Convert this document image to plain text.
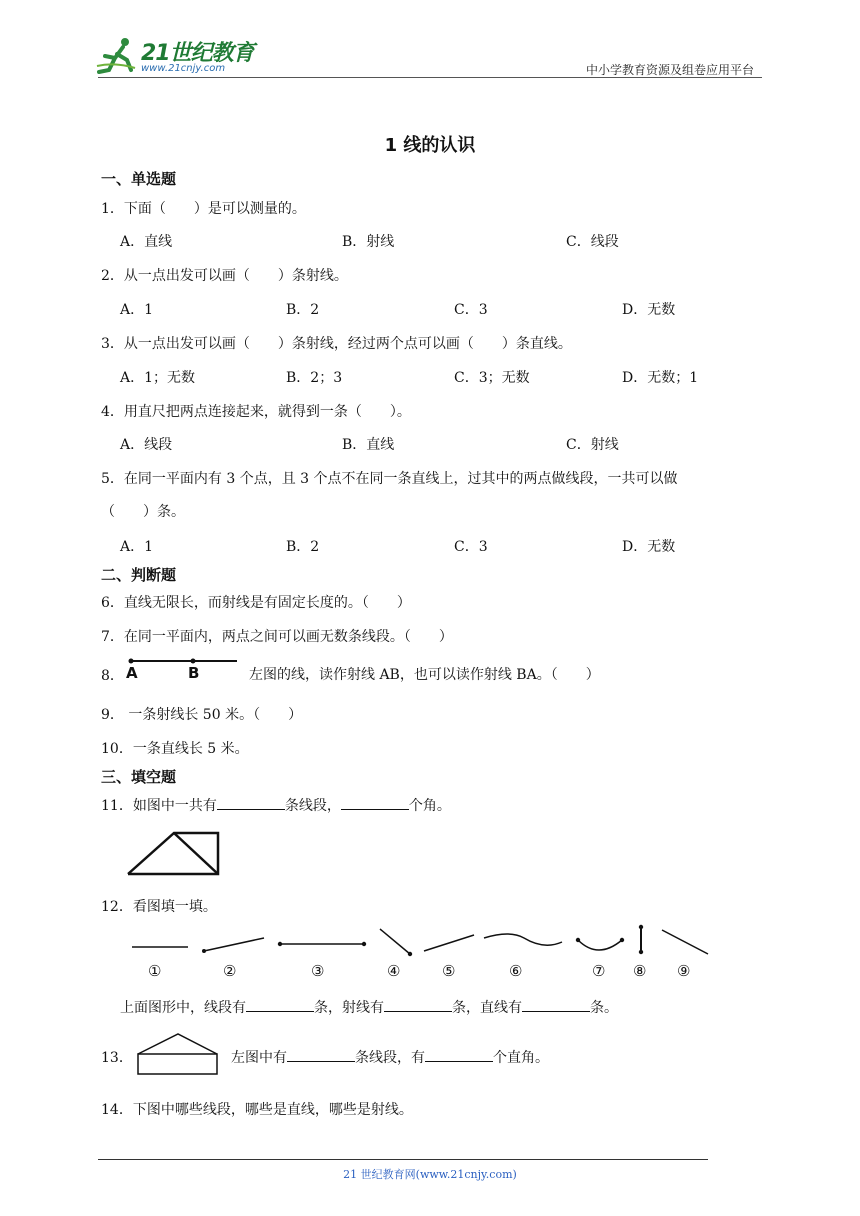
21世纪教育
www.21cnjy.com	中小学教育资源及组卷应用平台
1 线的认识
一、单选题
1．下面（　　）是可以测量的。
A．直线	B．射线	C．线段
2．从一点出发可以画（　　）条射线。
A．1	B．2	C．3	D．无数
3．从一点出发可以画（　　）条射线，经过两个点可以画（　　）条直线。
A．1；无数	B．2；3	C．3；无数	D．无数；1
4．用直尺把两点连接起来，就得到一条（　　）。
A．线段	B．直线	C．射线
5．在同一平面内有 3 个点，且 3 个点不在同一条直线上，过其中的两点做线段，一共可以做
（　　）条。
A．1	B．2	C．3	D．无数
二、判断题
6．直线无限长，而射线是有固定长度的。（　　）
7．在同一平面内，两点之间可以画无数条线段。（　　）
8． A	B	左图的线，读作射线 AB，也可以读作射线 BA。（　　）
9． 一条射线长 50 米。（　　）
10．一条直线长 5 米。
三、填空题
11．如图中一共有	条线段，	个角。
12．看图填一填。
①	②	③	④	⑤	⑥	⑦ ⑧ ⑨
上面图形中，线段有	条，射线有	条，直线有	条。
13．	左图中有	条线段，有	个直角。
14．下图中哪些线段，哪些是直线，哪些是射线。
21 世纪教育网(www.21cnjy.com)
